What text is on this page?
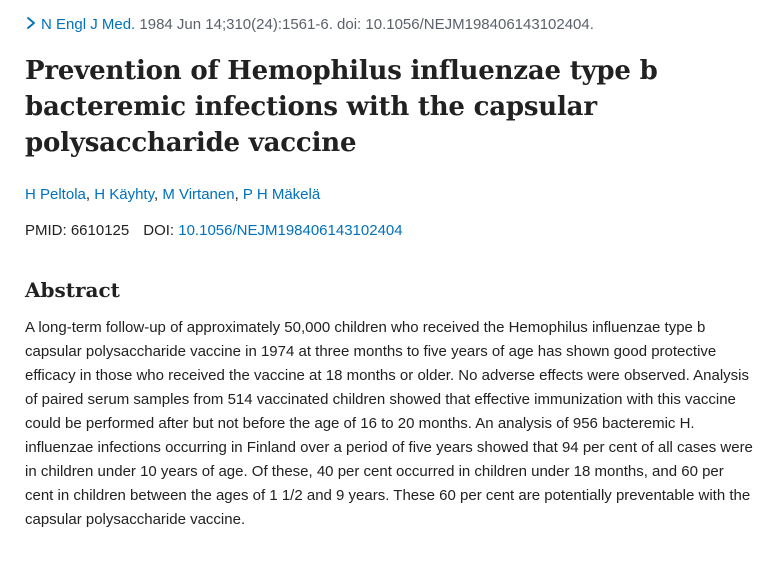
N Engl J Med. 1984 Jun 14;310(24):1561-6. doi: 10.1056/NEJM198406143102404.
Prevention of Hemophilus influenzae type b bacteremic infections with the capsular polysaccharide vaccine
H Peltola, H Käyhty, M Virtanen, P H Mäkelä
PMID: 6610125 DOI: 10.1056/NEJM198406143102404
Abstract

A long-term follow-up of approximately 50,000 children who received the Hemophilus influenzae type b capsular polysaccharide vaccine in 1974 at three months to five years of age has shown good protective efficacy in those who received the vaccine at 18 months or older. No adverse effects were observed. Analysis of paired serum samples from 514 vaccinated children showed that effective immunization with this vaccine could be performed after but not before the age of 16 to 20 months. An analysis of 956 bacteremic H. influenzae infections occurring in Finland over a period of five years showed that 94 per cent of all cases were in children under 10 years of age. Of these, 40 per cent occurred in children under 18 months, and 60 per cent in children between the ages of 1 1/2 and 9 years. These 60 per cent are potentially preventable with the capsular polysaccharide vaccine.
